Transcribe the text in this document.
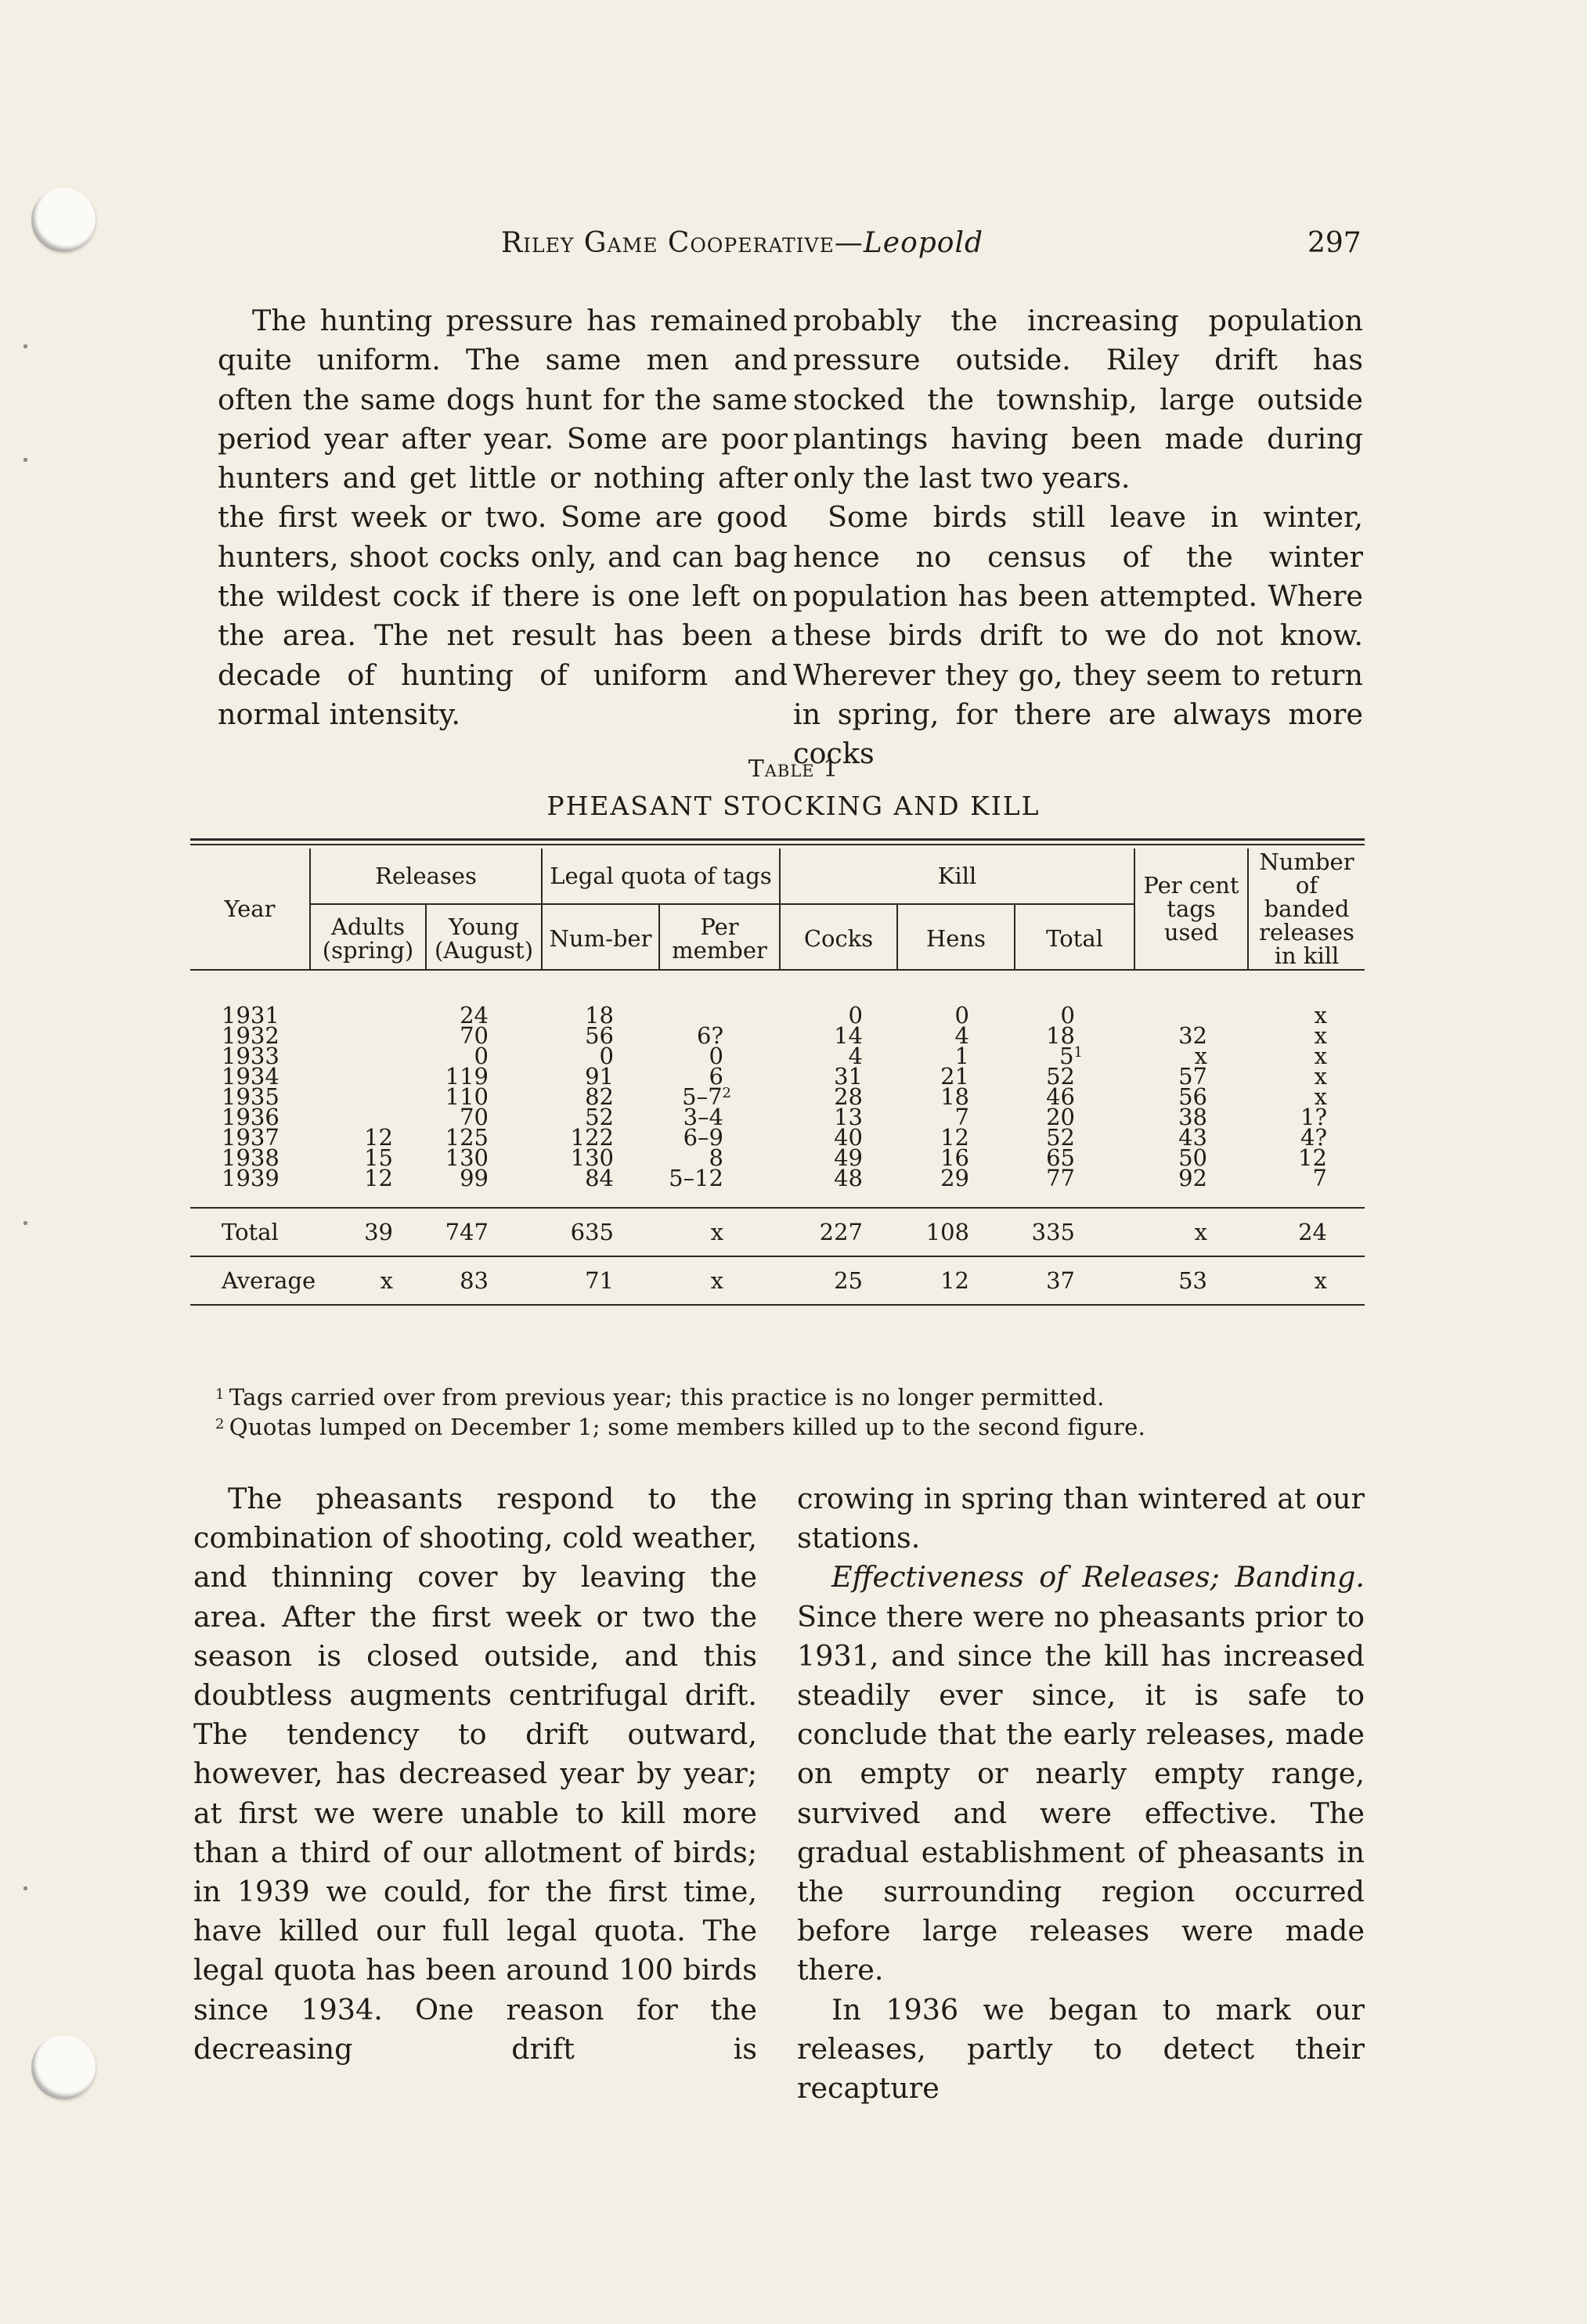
Riley Game Cooperative—Leopold	297

The hunting pressure has remained quite uniform. The same men and often the same dogs hunt for the same period year after year. Some are poor hunters and get little or nothing after the first week or two. Some are good hunters, shoot cocks only, and can bag the wildest cock if there is one left on the area. The net result has been a decade of hunting of uniform and normal intensity.

probably the increasing population pressure outside. Riley drift has stocked the township, large outside plantings having been made during only the last two years.

Some birds still leave in winter, hence no census of the winter population has been attempted. Where these birds drift to we do not know. Wherever they go, they seem to return in spring, for there are always more cocks

Table 1
PHEASANT STOCKING AND KILL
Year	Releases		Legal quota of tags		Kill			Per cent tags used	Number of banded releases in kill
	Adults (spring)	Young (August)	Num-ber	Per member	Cocks	Hens	Total		

1931		24	18		0	0	0		x
1932		70	56	6?	14	4	18	32	x
1933		0	0	0	4	1	$5^1$	x	x
1934		119	91	6	31	21	52	57	x
1935		110	82	$5-7^2$	28	18	46	56	x
1936		70	52	3–4	13	7	20	38	1?
1937	12	125	122	6–9	40	12	52	43	4?
1938	15	130	130	8	49	16	65	50	12
1939	12	99	84	5–12	48	29	77	92	7
Total	39	747	635	x	227	108	335	x	24
Average	x	83	71	x	25	12	37	53	x
$^1$ Tags carried over from previous year; this practice is no longer permitted.
$^2$ Quotas lumped on December 1; some members killed up to the second figure.

The pheasants respond to the combination of shooting, cold weather, and thinning cover by leaving the area. After the first week or two the season is closed outside, and this doubtless augments centrifugal drift. The tendency to drift outward, however, has decreased year by year; at first we were unable to kill more than a third of our allotment of birds; in 1939 we could, for the first time, have killed our full legal quota. The legal quota has been around 100 birds since 1934. One reason for the decreasing drift is

crowing in spring than wintered at our stations.

Effectiveness of Releases; Banding. Since there were no pheasants prior to 1931, and since the kill has increased steadily ever since, it is safe to conclude that the early releases, made on empty or nearly empty range, survived and were effective. The gradual establishment of pheasants in the surrounding region occurred before large releases were made there.

In 1936 we began to mark our releases, partly to detect their recapture
